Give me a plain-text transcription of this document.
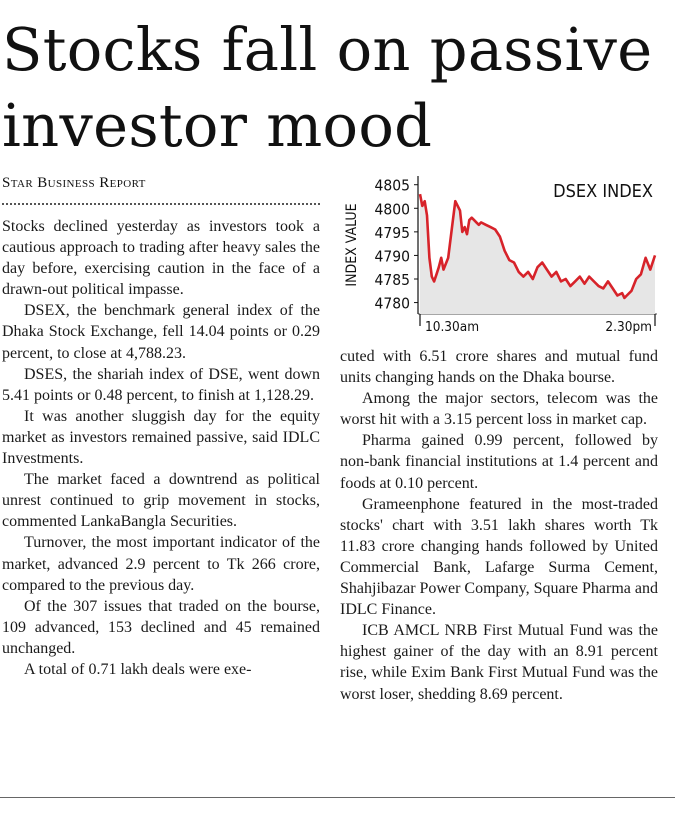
Stocks fall on passive investor mood
Star Business Report

Stocks declined yesterday as investors took a cautious approach to trading after heavy sales the day before, exercising caution in the face of a drawn-out political impasse.

DSEX, the benchmark general index of the Dhaka Stock Exchange, fell 14.04 points or 0.29 percent, to close at 4,788.23.

DSES, the shariah index of DSE, went down 5.41 points or 0.48 percent, to finish at 1,128.29.

It was another sluggish day for the equity market as investors remained passive, said IDLC Investments.

The market faced a downtrend as political unrest continued to grip movement in stocks, commented LankaBangla Securities.

Turnover, the most important indicator of the market, advanced 2.9 percent to Tk 266 crore, compared to the previous day.

Of the 307 issues that traded on the bourse, 109 advanced, 153 declined and 45 remained unchanged.

A total of 0.71 lakh deals were exe-

4805
4800
4795
4790
4785
4780
10.30am	2.30pm
DSEX INDEX
INDEX VALUE

cuted with 6.51 crore shares and mutual fund units changing hands on the Dhaka bourse.

Among the major sectors, telecom was the worst hit with a 3.15 percent loss in market cap.

Pharma gained 0.99 percent, followed by non-bank financial institutions at 1.4 percent and foods at 0.10 percent.

Grameenphone featured in the most-traded stocks' chart with 3.51 lakh shares worth Tk 11.83 crore changing hands followed by United Commercial Bank, Lafarge Surma Cement, Shahjibazar Power Company, Square Pharma and IDLC Finance.

ICB AMCL NRB First Mutual Fund was the highest gainer of the day with an 8.91 percent rise, while Exim Bank First Mutual Fund was the worst loser, shedding 8.69 percent.
